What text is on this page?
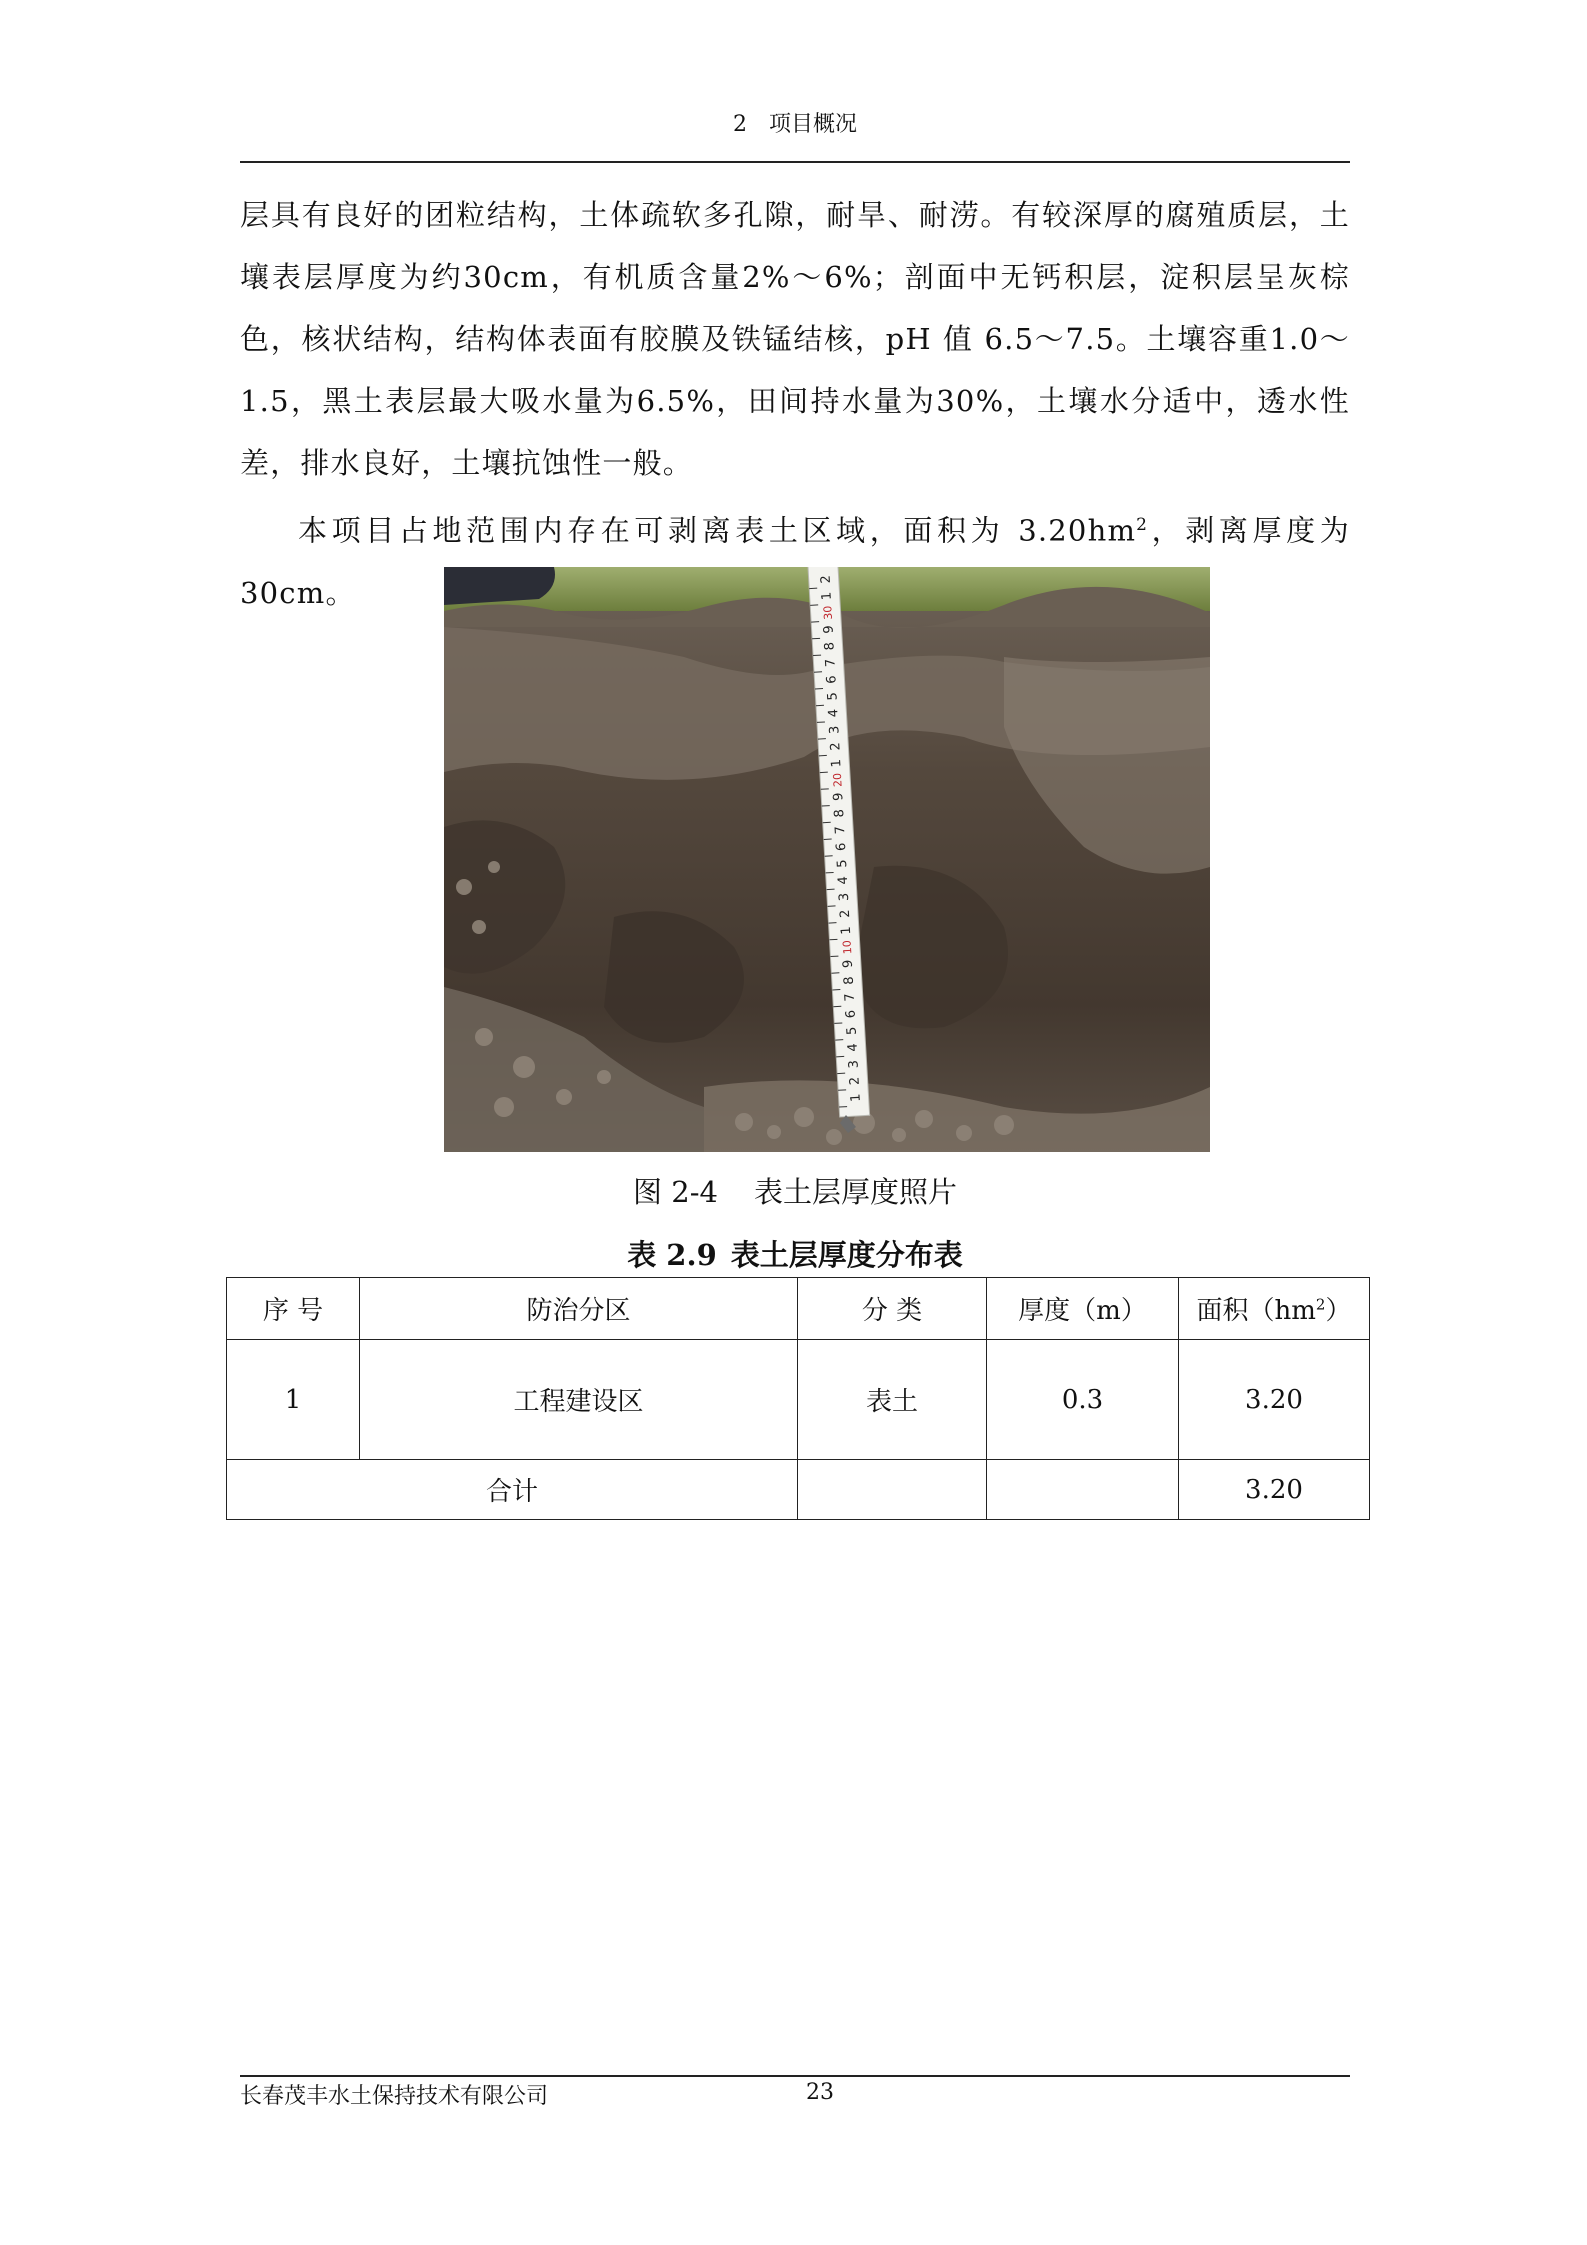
2 项目概况

层具有良好的团粒结构，土体疏软多孔隙，耐旱、耐涝。有较深厚的腐殖质层，土壤表层厚度为约30cm，有机质含量2%～6%；剖面中无钙积层，淀积层呈灰棕色，核状结构，结构体表面有胶膜及铁锰结核，pH 值 6.5～7.5。土壤容重1.0～1.5，黑土表层最大吸水量为6.5%，田间持水量为30%，土壤水分适中，透水性差，排水良好，土壤抗蚀性一般。

本项目占地范围内存在可剥离表土区域，面积为 $3.20hm^2$，剥离厚度为 30cm。

1
2
3
4
5
6
7
8
9
10
1
2
3
4
5
6
7
8
9
20
1
2
3
4
5
6
7
8
9
30
1
2
图 2-4 表土层厚度照片
表 2.9 表土层厚度分布表
序 号	防治分区	分 类	厚度（m）	面积$(hm^2)$
1	工程建设区	表土	0.3	3.20
合计				3.20
长春茂丰水土保持技术有限公司	23
